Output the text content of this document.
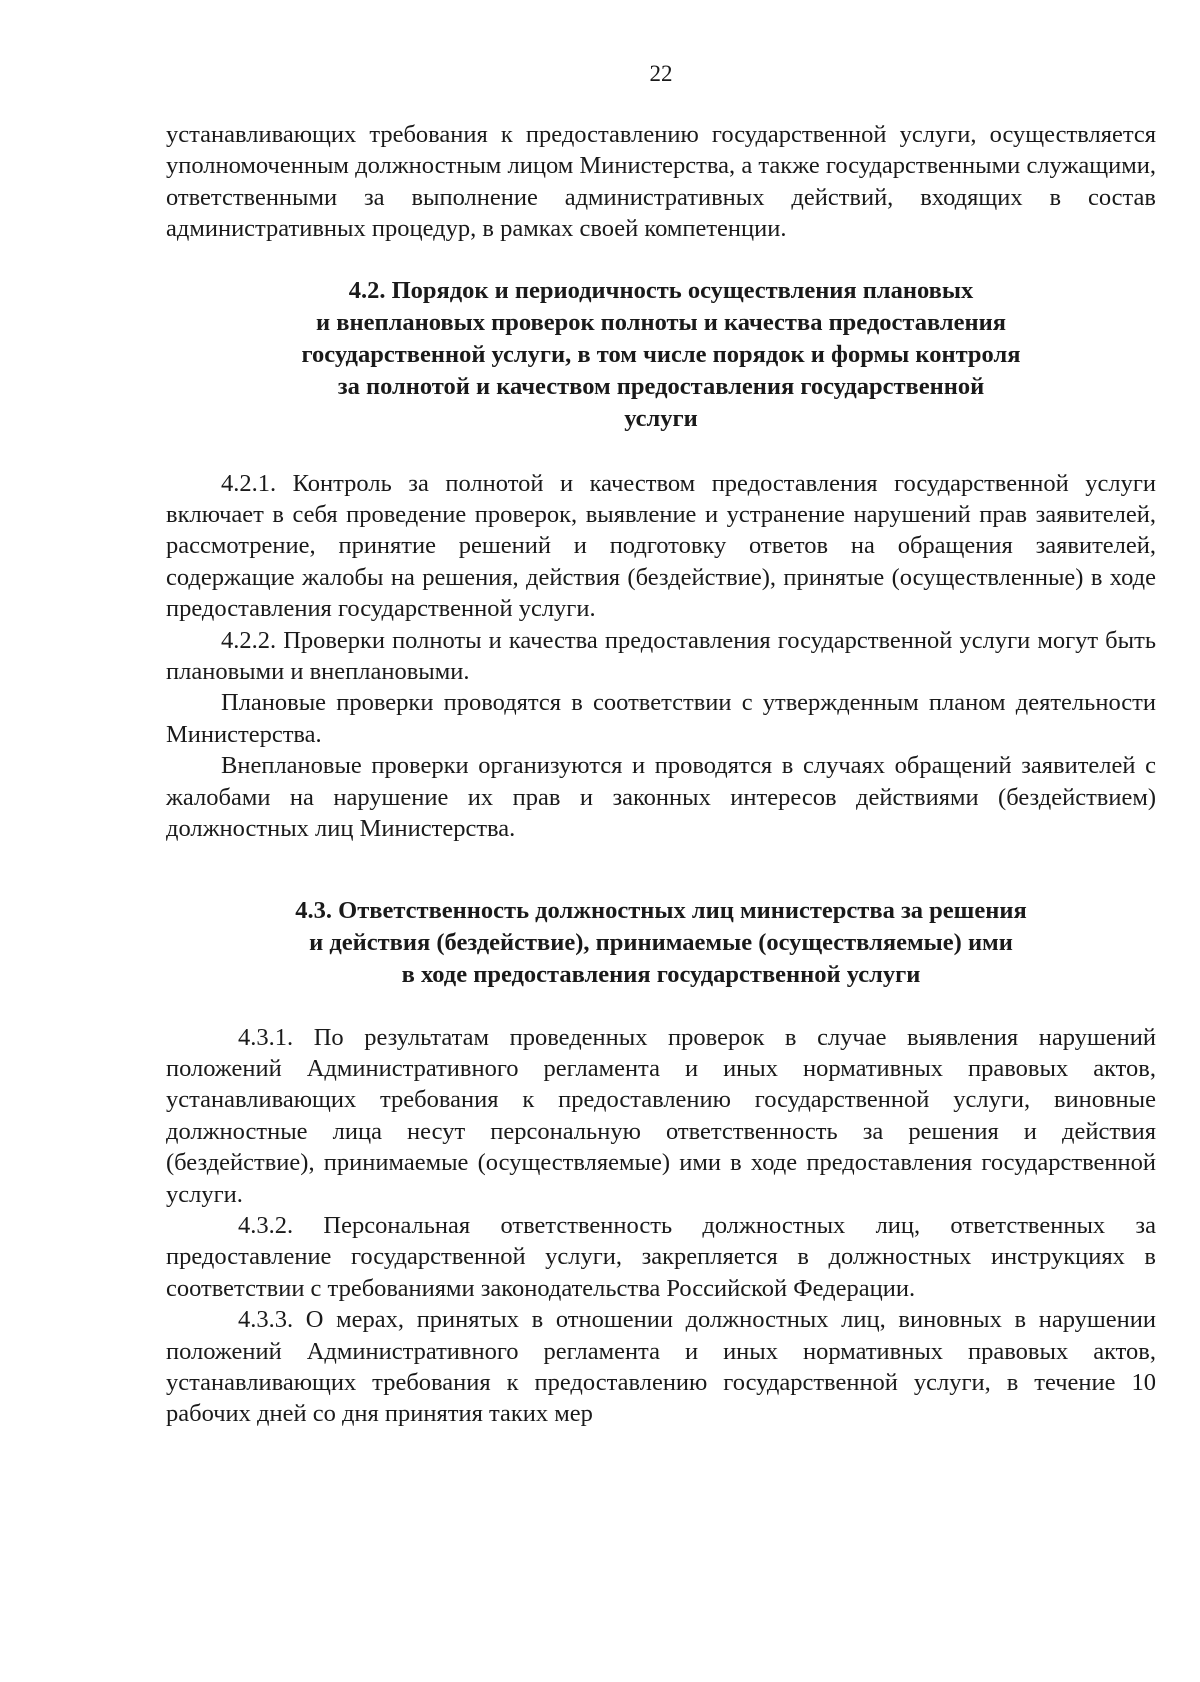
22

устанавливающих требования к предоставлению государственной услуги, осуществляется уполномоченным должностным лицом Министерства, а также государственными служащими, ответственными за выполнение административных действий, входящих в состав административных процедур, в рамках своей компетенции.

4.2. Порядок и периодичность осуществления плановых
и внеплановых проверок полноты и качества предоставления
государственной услуги, в том числе порядок и формы контроля
за полнотой и качеством предоставления государственной
услуги

4.2.1. Контроль за полнотой и качеством предоставления государственной услуги включает в себя проведение проверок, выявление и устранение нарушений прав заявителей, рассмотрение, принятие решений и подготовку ответов на обращения заявителей, содержащие жалобы на решения, действия (бездействие), принятые (осуществленные) в ходе предоставления государственной услуги.

4.2.2. Проверки полноты и качества предоставления государственной услуги могут быть плановыми и внеплановыми.

Плановые проверки проводятся в соответствии с утвержденным планом деятельности Министерства.

Внеплановые проверки организуются и проводятся в случаях обращений заявителей с жалобами на нарушение их прав и законных интересов действиями (бездействием) должностных лиц Министерства.

4.3. Ответственность должностных лиц министерства за решения
и действия (бездействие), принимаемые (осуществляемые) ими
в ходе предоставления государственной услуги

4.3.1. По результатам проведенных проверок в случае выявления нарушений положений Административного регламента и иных нормативных правовых актов, устанавливающих требования к предоставлению государственной услуги, виновные должностные лица несут персональную ответственность за решения и действия (бездействие), принимаемые (осуществляемые) ими в ходе предоставления государственной услуги.

4.3.2. Персональная ответственность должностных лиц, ответственных за предоставление государственной услуги, закрепляется в должностных инструкциях в соответствии с требованиями законодательства Российской Федерации.

4.3.3. О мерах, принятых в отношении должностных лиц, виновных в нарушении положений Административного регламента и иных нормативных правовых актов, устанавливающих требования к предоставлению государственной услуги, в течение 10 рабочих дней со дня принятия таких мер
